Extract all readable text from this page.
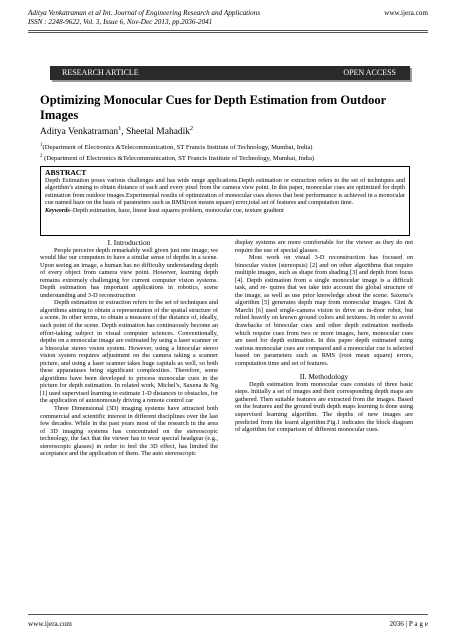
Aditya Venkatraman et al Int. Journal of Engineering Research and Applications
ISSN : 2248-9622, Vol. 3, Issue 6, Nov-Dec 2013, pp.2036-2041
www.ijera.com
RESEARCH ARTICLE	OPEN ACCESS
Optimizing Monocular Cues for Depth Estimation from Outdoor Images
Aditya Venkatraman$^1$, Sheetal Mahadik$^2$
$^1$(Department of Electronics &Telecommunication, ST Francis Institute of Technology, Mumbai, India)
$^2$ (Department of Electronics &Telecommunication, ST Francis Institute of Technology, Mumbai, India)
ABSTRACT

Depth Estimation poses various challenges and has wide range applications.Depth estimation or extraction refers to the set of techniques and algorithm’s aiming to obtain distance of each and every pixel from the camera view point. In this paper, monocular cues are optimized for depth estimation from outdoor images.Experimental results of optimization of monocular cues shows that best performance is achieved in a monocular cue named haze on the basis of parameters such as RMS(root means square) error,total set of features and computation time.

Keywords–Depth estimation, haze, linear least squares problem, monocular cue, texture gradient

I. Introduction

People perceive depth remarkably well given just one image; we would like our computers to have a similar sense of depths in a scene. Upon seeing an image, a human has no difficulty understanding depth of every object from camera view point. However, learning depth remains extremely challenging for current computer vision systems. Depth estimation has important applications in robotics, scene understanding and 3-D reconstruction

Depth estimation or extraction refers to the set of techniques and algorithms aiming to obtain a representation of the spatial structure of a scene. In other terms, to obtain a measure of the distance of, ideally, each point of the scene. Depth estimation has continuously become an effort-taking subject in visual computer sciences. Conventionally, depths on a monocular image are estimated by using a laser scanner or a binocular stereo vision system. However, using a binocular stereo vision system requires adjustment on the camera taking a scanner picture, and using a laser scanner takes huge capitals as well, so both these apparatuses bring significant complexities. Therefore, some algorithms have been developed to process monocular cues in the picture for depth estimation. In related work, Michel’s, Saxena & Ng [1] used supervised learning to estimate 1-D distances to obstacles, for the application of autonomously driving a remote control car

Three Dimensional (3D) imaging systems have attracted both commercial and scientific interest in different disciplines over the last few decades. While in the past years most of the research in the area of 3D imaging systems has concentrated on the stereoscopic technology, the fact that the viewer has to wear special headgear (e.g., stereoscopic glasses) in order to feel the 3D effect, has limited the acceptance and the application of them. The auto stereoscopic

display systems are more comfortable for the viewer as they do not require the use of special glasses.

Most work on visual 3-D reconstruction has focused on binocular vision (stereopsis) [2] and on other algorithms that require multiple images, such as shape from shading [3] and depth from focus [4]. Depth estimation from a single monocular image is a difficult task, and re- quires that we take into account the global structure of the image, as well as use prior knowledge about the scene. Saxena’s algorithm [5] generates depth map from monocular images. Gini & Marchi [6] used single-camera vision to drive an in-door robot, but relied heavily on known ground colors and textures. In order to avoid drawbacks of binocular cues and other depth estimation methods which require cues from two or more images, here, monocular cues are used for depth estimation. In this paper depth estimated using various monocular cues are compared and a monocular cue is selected based on parameters such as RMS (root mean square) errors, computation time and set of features.

II. Methodology

Depth estimation from monocular cues consists of three basic steps. Initially a set of images and their corresponding depth maps are gathered. Then suitable features are extracted from the images. Based on the features and the ground truth depth maps learning is done using supervised learning algorithm. The depths of new images are predicted from the learnt algorithm.Fig.1 indicates the block diagram of algorithm for comparison of different monocular cues.

www.ijera.com	2036 | P a g e
